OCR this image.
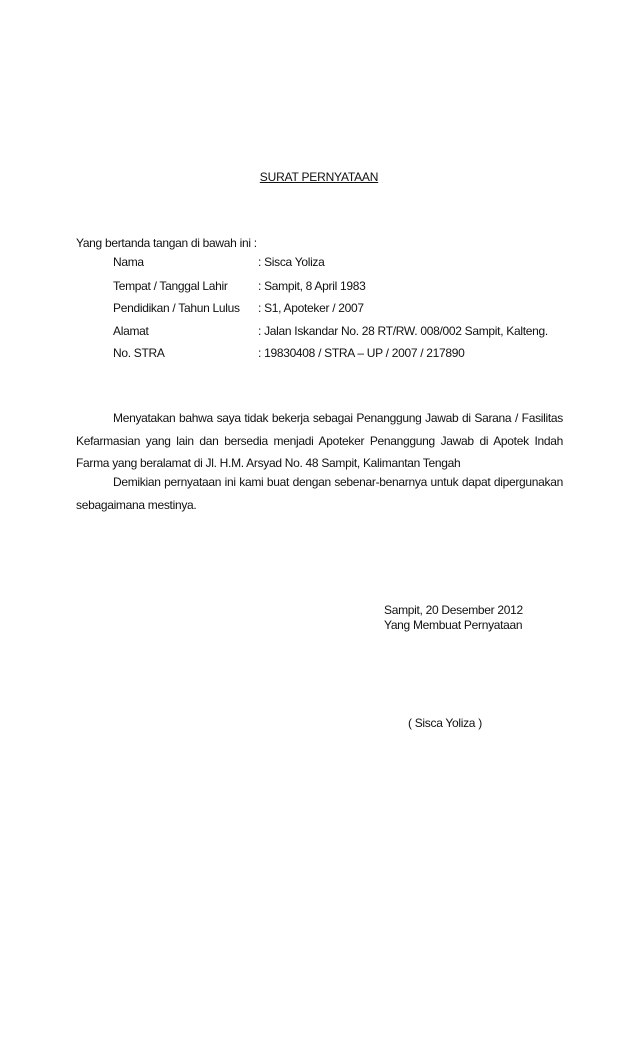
SURAT PERNYATAAN
Yang bertanda tangan di bawah ini :
Nama	: Sisca Yoliza
Tempat / Tanggal Lahir	: Sampit, 8 April 1983
Pendidikan / Tahun Lulus : S1, Apoteker / 2007
Alamat	: Jalan Iskandar No. 28 RT/RW. 008/002 Sampit, Kalteng.
No. STRA	: 19830408 / STRA – UP / 2007 / 217890
Menyatakan bahwa saya tidak bekerja sebagai Penanggung Jawab di Sarana / Fasilitas Kefarmasian yang lain dan bersedia menjadi Apoteker Penanggung Jawab di Apotek Indah Farma yang beralamat di Jl. H.M. Arsyad No. 48 Sampit, Kalimantan Tengah
Demikian pernyataan ini kami buat dengan sebenar-benarnya untuk dapat dipergunakan sebagaimana mestinya.
Sampit, 20 Desember 2012
Yang Membuat Pernyataan
( Sisca Yoliza )
